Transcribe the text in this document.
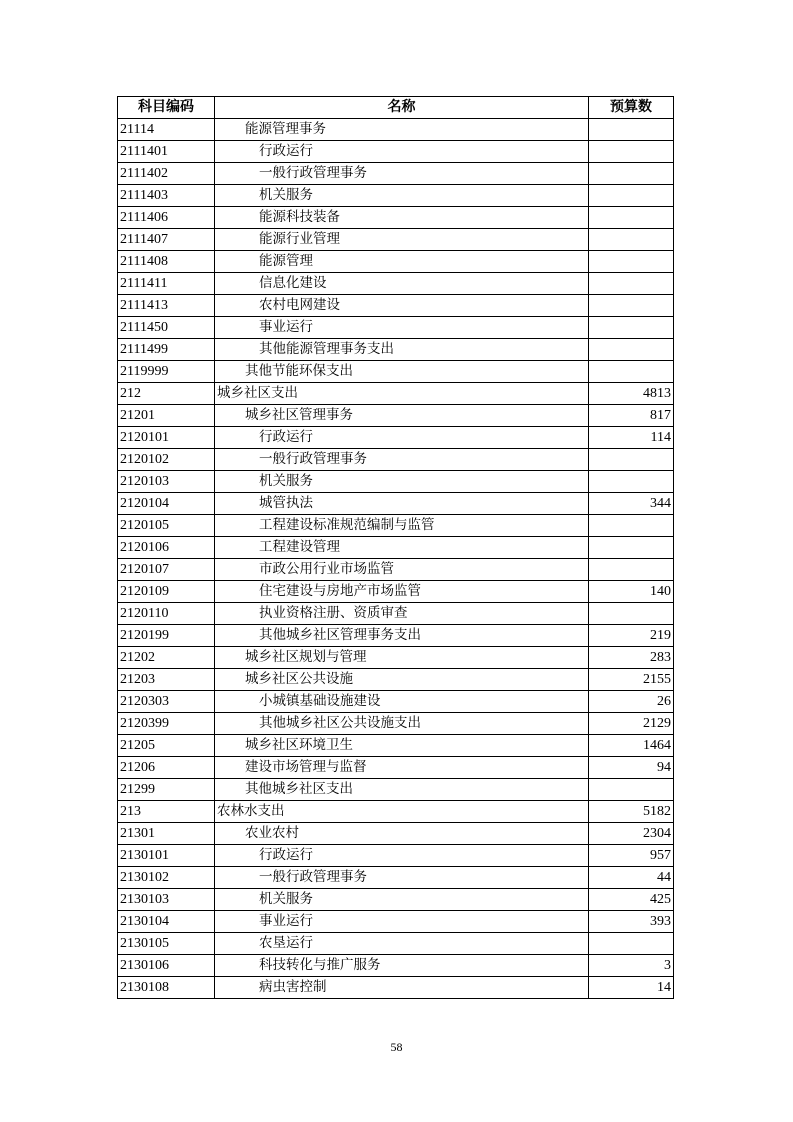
科目编码	名称	预算数
21114	能源管理事务	
2111401	行政运行	
2111402	一般行政管理事务	
2111403	机关服务	
2111406	能源科技装备	
2111407	能源行业管理	
2111408	能源管理	
2111411	信息化建设	
2111413	农村电网建设	
2111450	事业运行	
2111499	其他能源管理事务支出	
2119999	其他节能环保支出	
212	城乡社区支出	4813
21201	城乡社区管理事务	817
2120101	行政运行	114
2120102	一般行政管理事务	
2120103	机关服务	
2120104	城管执法	344
2120105	工程建设标准规范编制与监管	
2120106	工程建设管理	
2120107	市政公用行业市场监管	
2120109	住宅建设与房地产市场监管	140
2120110	执业资格注册、资质审查	
2120199	其他城乡社区管理事务支出	219
21202	城乡社区规划与管理	283
21203	城乡社区公共设施	2155
2120303	小城镇基础设施建设	26
2120399	其他城乡社区公共设施支出	2129
21205	城乡社区环境卫生	1464
21206	建设市场管理与监督	94
21299	其他城乡社区支出	
213	农林水支出	5182
21301	农业农村	2304
2130101	行政运行	957
2130102	一般行政管理事务	44
2130103	机关服务	425
2130104	事业运行	393
2130105	农垦运行	
2130106	科技转化与推广服务	3
2130108	病虫害控制	14
58
